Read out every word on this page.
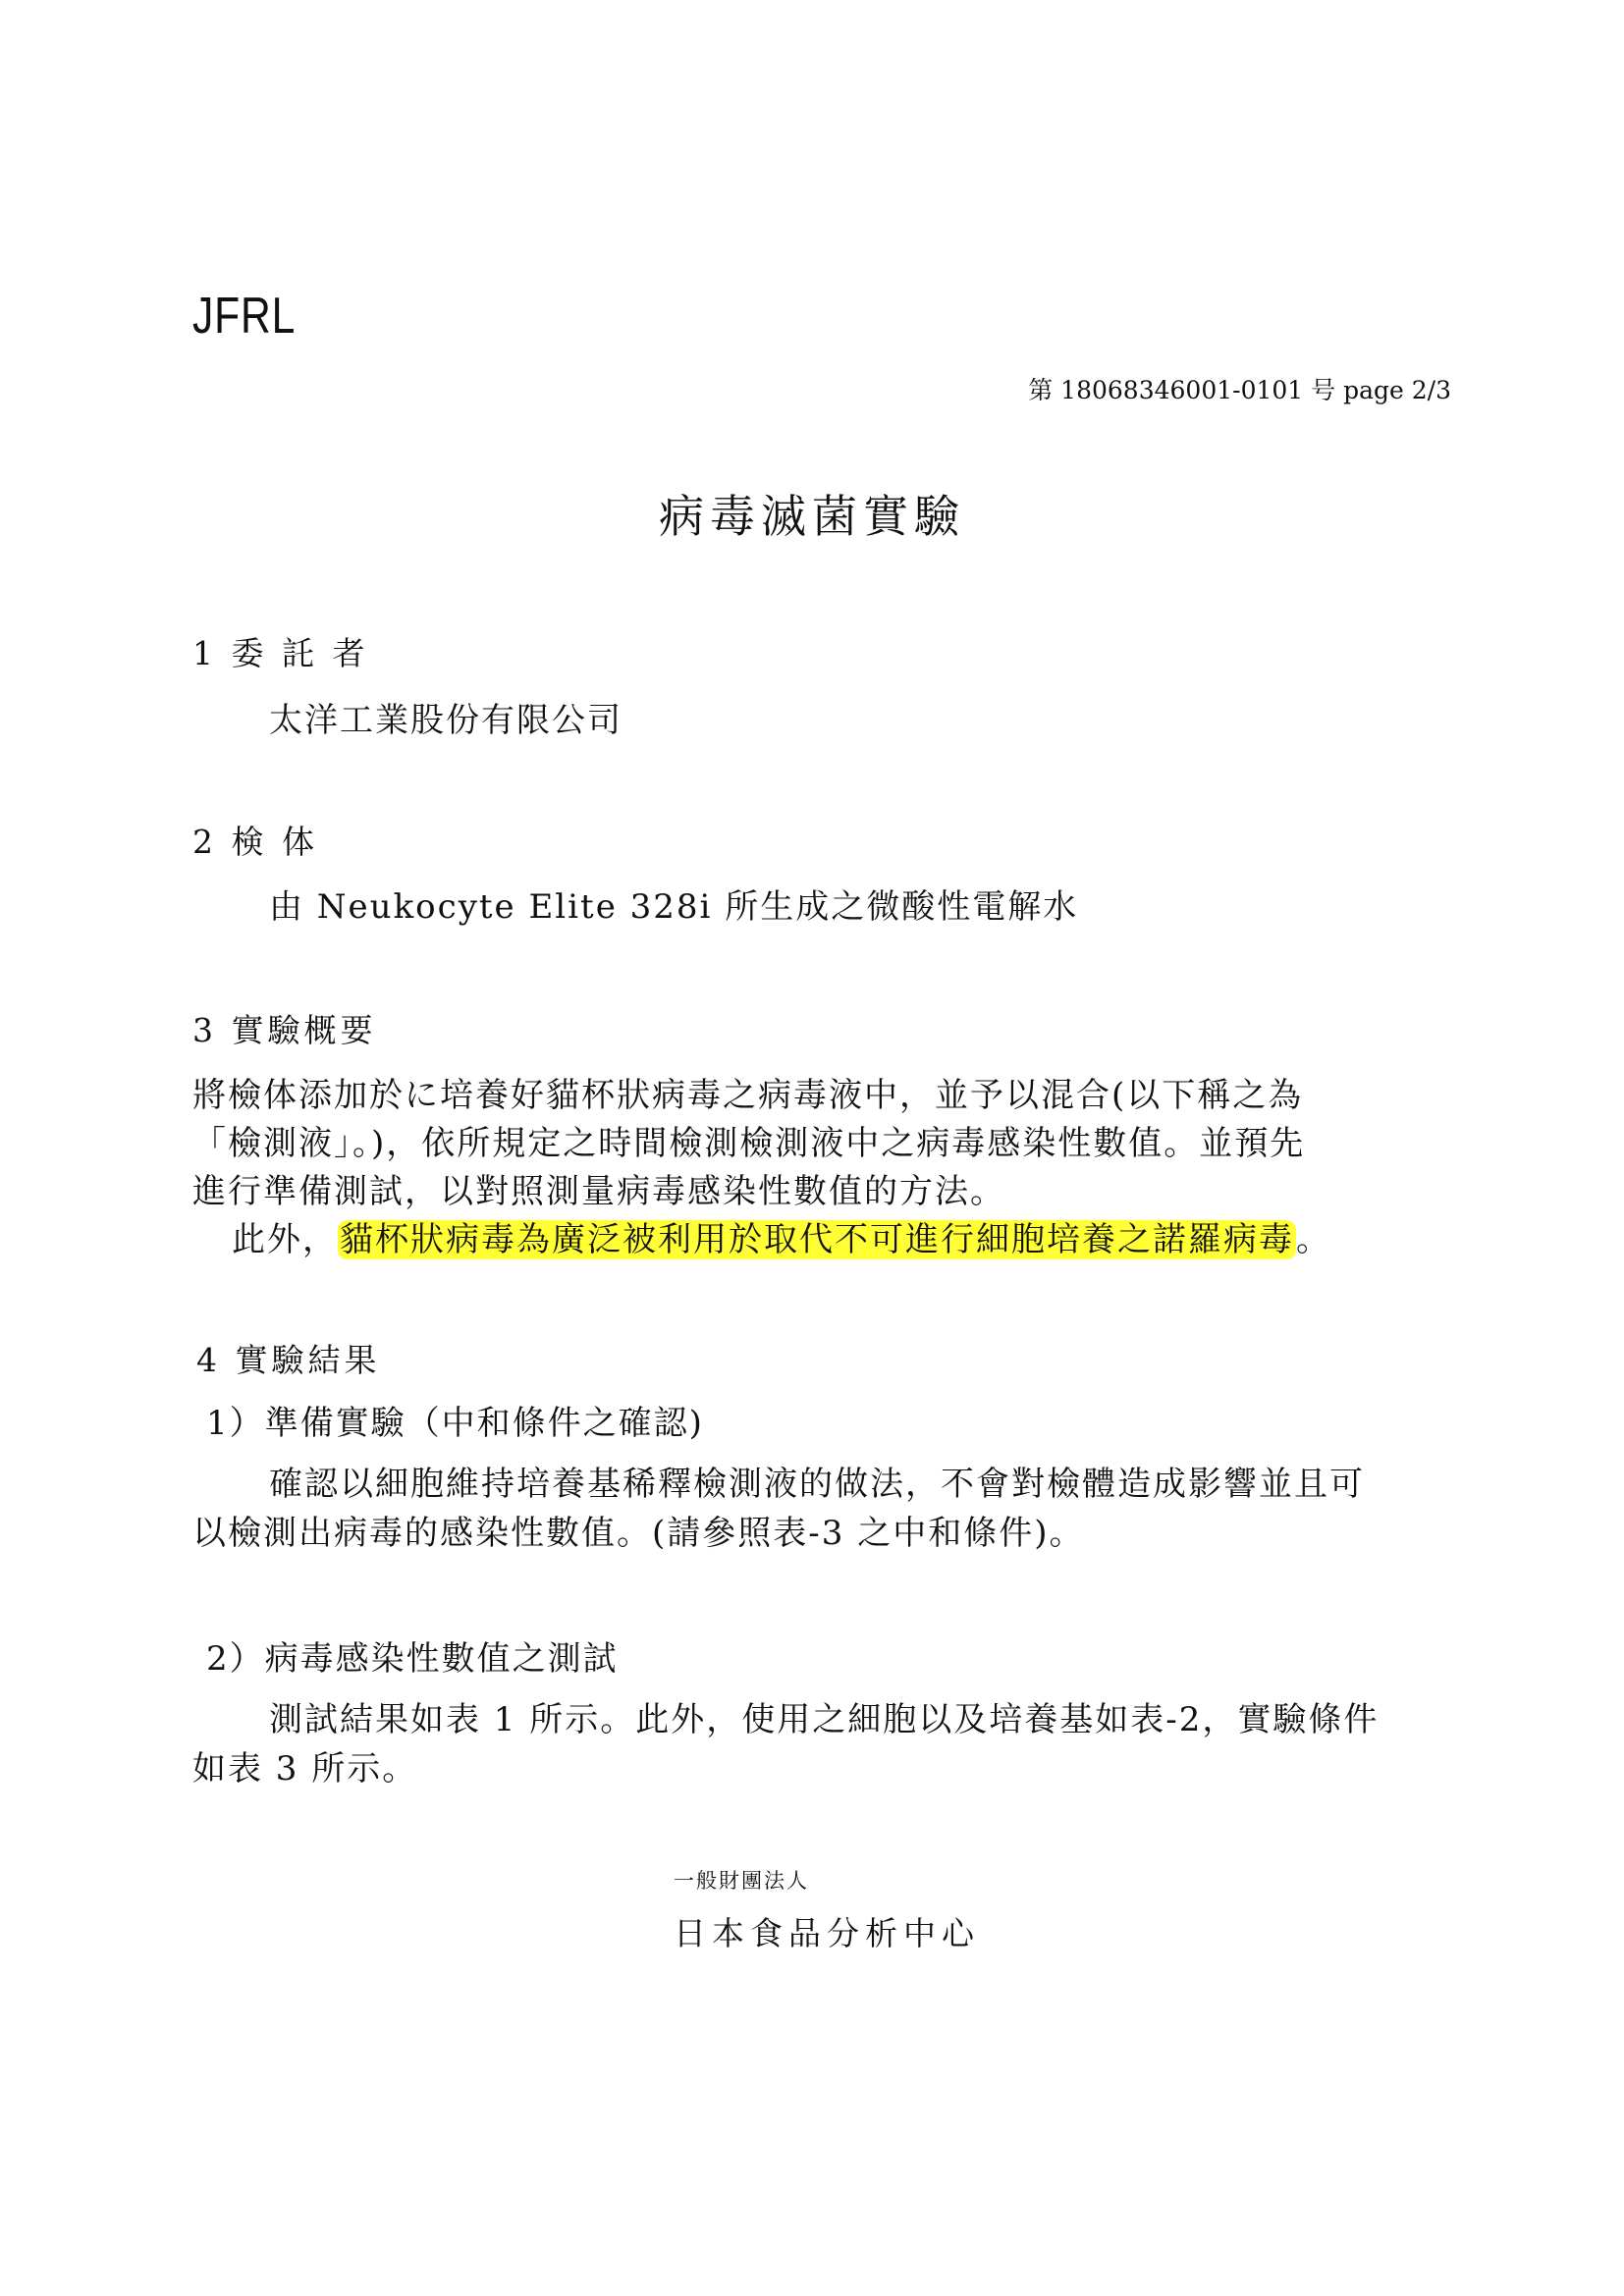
JFRL
第 18068346001-0101 号 page 2/3
病毒滅菌實驗
1 委 託 者
太洋工業股份有限公司
2 検 体
由 Neukocyte Elite 328i 所生成之微酸性電解水
3 實驗概要
將檢体添加於に培養好貓杯狀病毒之病毒液中，並予以混合(以下稱之為
「檢測液」。)，依所規定之時間檢測檢測液中之病毒感染性數值。並預先
進行準備測試，以對照測量病毒感染性數值的方法。
此外，貓杯狀病毒為廣泛被利用於取代不可進行細胞培養之諾羅病毒。
4 實驗結果
1）準備實驗（中和條件之確認)
確認以細胞維持培養基稀釋檢測液的做法，不會對檢體造成影響並且可
以檢測出病毒的感染性數值。(請參照表-3 之中和條件)。
2）病毒感染性數值之測試
測試結果如表 1 所示。此外，使用之細胞以及培養基如表-2，實驗條件
如表 3 所示。
一般財團法人
日本食品分析中心
